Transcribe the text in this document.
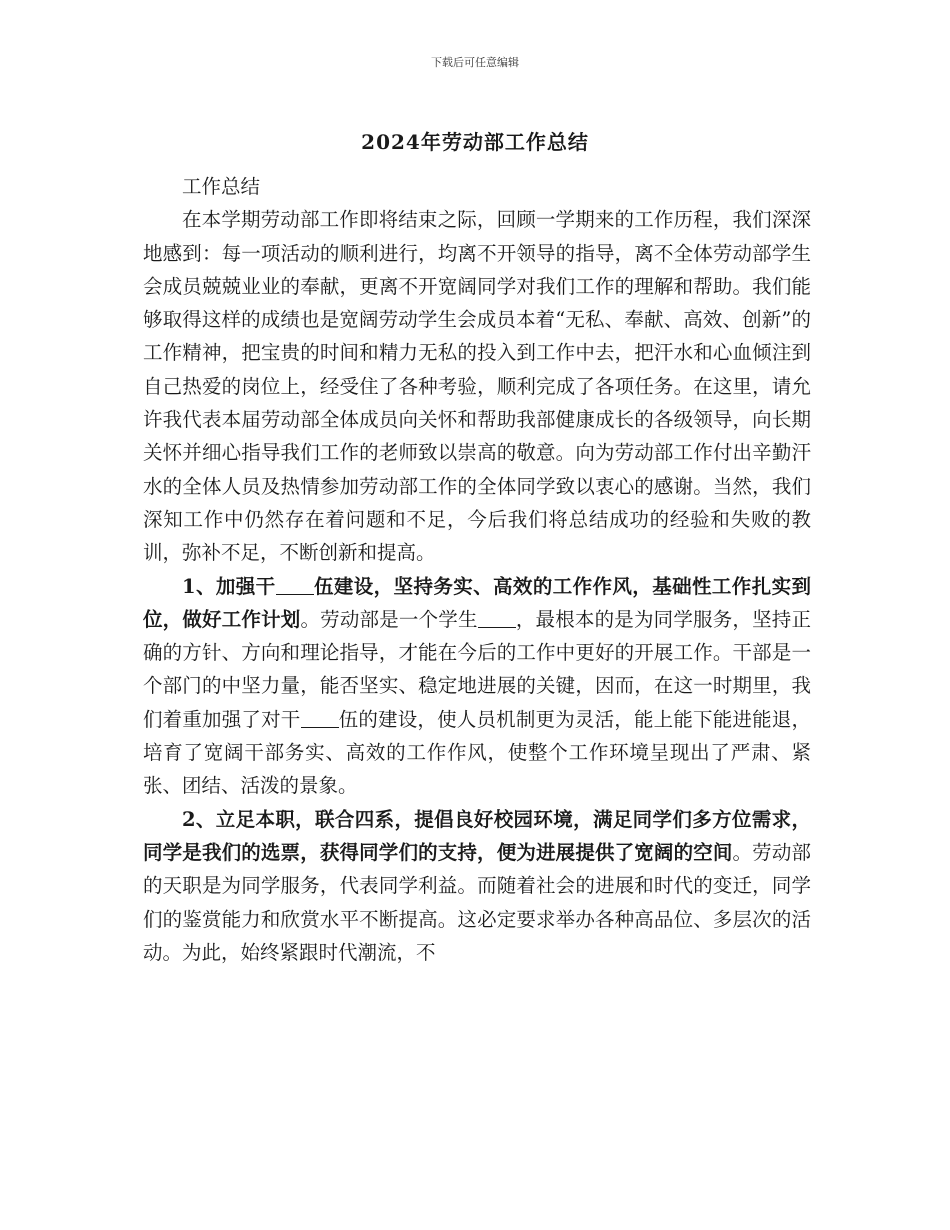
下载后可任意编辑
2024年劳动部工作总结

工作总结

在本学期劳动部工作即将结束之际，回顾一学期来的工作历程，我们深深地感到：每一项活动的顺利进行，均离不开领导的指导，离不全体劳动部学生会成员兢兢业业的奉献，更离不开宽阔同学对我们工作的理解和帮助。我们能够取得这样的成绩也是宽阔劳动学生会成员本着“无私、奉献、高效、创新”的工作精神，把宝贵的时间和精力无私的投入到工作中去，把汗水和心血倾注到自己热爱的岗位上，经受住了各种考验，顺利完成了各项任务。在这里，请允许我代表本届劳动部全体成员向关怀和帮助我部健康成长的各级领导，向长期关怀并细心指导我们工作的老师致以崇高的敬意。向为劳动部工作付出辛勤汗水的全体人员及热情参加劳动部工作的全体同学致以衷心的感谢。当然，我们深知工作中仍然存在着问题和不足，今后我们将总结成功的经验和失败的教训，弥补不足，不断创新和提高。

1、加强干 伍建设，坚持务实、高效的工作作风，基础性工作扎实到位，做好工作计划。劳动部是一个学生 ，最根本的是为同学服务，坚持正确的方针、方向和理论指导，才能在今后的工作中更好的开展工作。干部是一个部门的中坚力量，能否坚实、稳定地进展的关键，因而，在这一时期里，我们着重加强了对干 伍的建设，使人员机制更为灵活，能上能下能进能退，培育了宽阔干部务实、高效的工作作风，使整个工作环境呈现出了严肃、紧张、团结、活泼的景象。

2、立足本职，联合四系，提倡良好校园环境，满足同学们多方位需求，同学是我们的选票，获得同学们的支持，便为进展提供了宽阔的空间。劳动部的天职是为同学服务，代表同学利益。而随着社会的进展和时代的变迁，同学们的鉴赏能力和欣赏水平不断提高。这必定要求举办各种高品位、多层次的活动。为此，始终紧跟时代潮流，不
